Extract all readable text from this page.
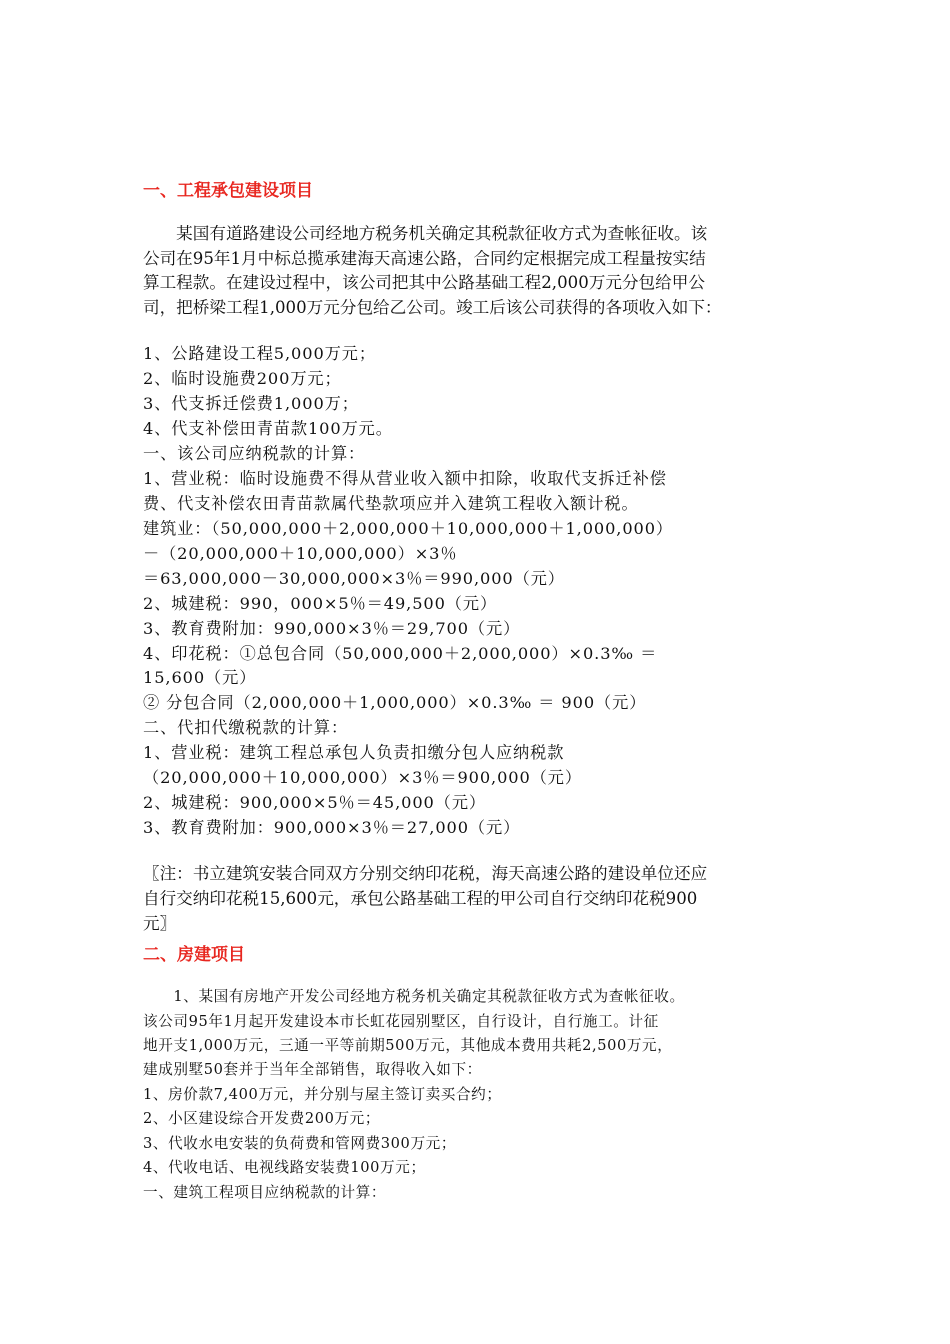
一、工程承包建设项目
　　某国有道路建设公司经地方税务机关确定其税款征收方式为查帐征收。该
公司在95年1月中标总揽承建海天高速公路，合同约定根据完成工程量按实结
算工程款。在建设过程中，该公司把其中公路基础工程2,000万元分包给甲公
司，把桥梁工程1,000万元分包给乙公司。竣工后该公司获得的各项收入如下：
1、公路建设工程5,000万元；
2、临时设施费200万元；
3、代支拆迁偿费1,000万；
4、代支补偿田青苗款100万元。
一、该公司应纳税款的计算：
1、营业税：临时设施费不得从营业收入额中扣除，收取代支拆迁补偿
费、代支补偿农田青苗款属代垫款项应并入建筑工程收入额计税。
建筑业：（50,000,000＋2,000,000＋10,000,000＋1,000,000）
－（20,000,000＋10,000,000）×3％
＝63,000,000－30,000,000×3％＝990,000（元）
2、城建税：990，000×5％＝49,500（元）
3、教育费附加：990,000×3％＝29,700（元）
4、印花税：①总包合同（50,000,000＋2,000,000）×0.3‰ ＝
15,600（元）
② 分包合同（2,000,000＋1,000,000）×0.3‰ ＝ 900（元）
二、代扣代缴税款的计算：
1、营业税：建筑工程总承包人负责扣缴分包人应纳税款
（20,000,000＋10,000,000）×3％＝900,000（元）
2、城建税：900,000×5％＝45,000（元）
3、教育费附加：900,000×3％＝27,000（元）
〖注：书立建筑安装合同双方分别交纳印花税，海天高速公路的建设单位还应
自行交纳印花税15,600元，承包公路基础工程的甲公司自行交纳印花税900
元〗
二、房建项目
　　1、某国有房地产开发公司经地方税务机关确定其税款征收方式为查帐征收。
该公司95年1月起开发建设本市长虹花园别墅区，自行设计，自行施工。计征
地开支1,000万元，三通一平等前期500万元，其他成本费用共耗2,500万元，
建成别墅50套并于当年全部销售，取得收入如下：
1、房价款7,400万元，并分别与屋主签订卖买合约；
2、小区建设综合开发费200万元；
3、代收水电安装的负荷费和管网费300万元；
4、代收电话、电视线路安装费100万元；
一、建筑工程项目应纳税款的计算：
